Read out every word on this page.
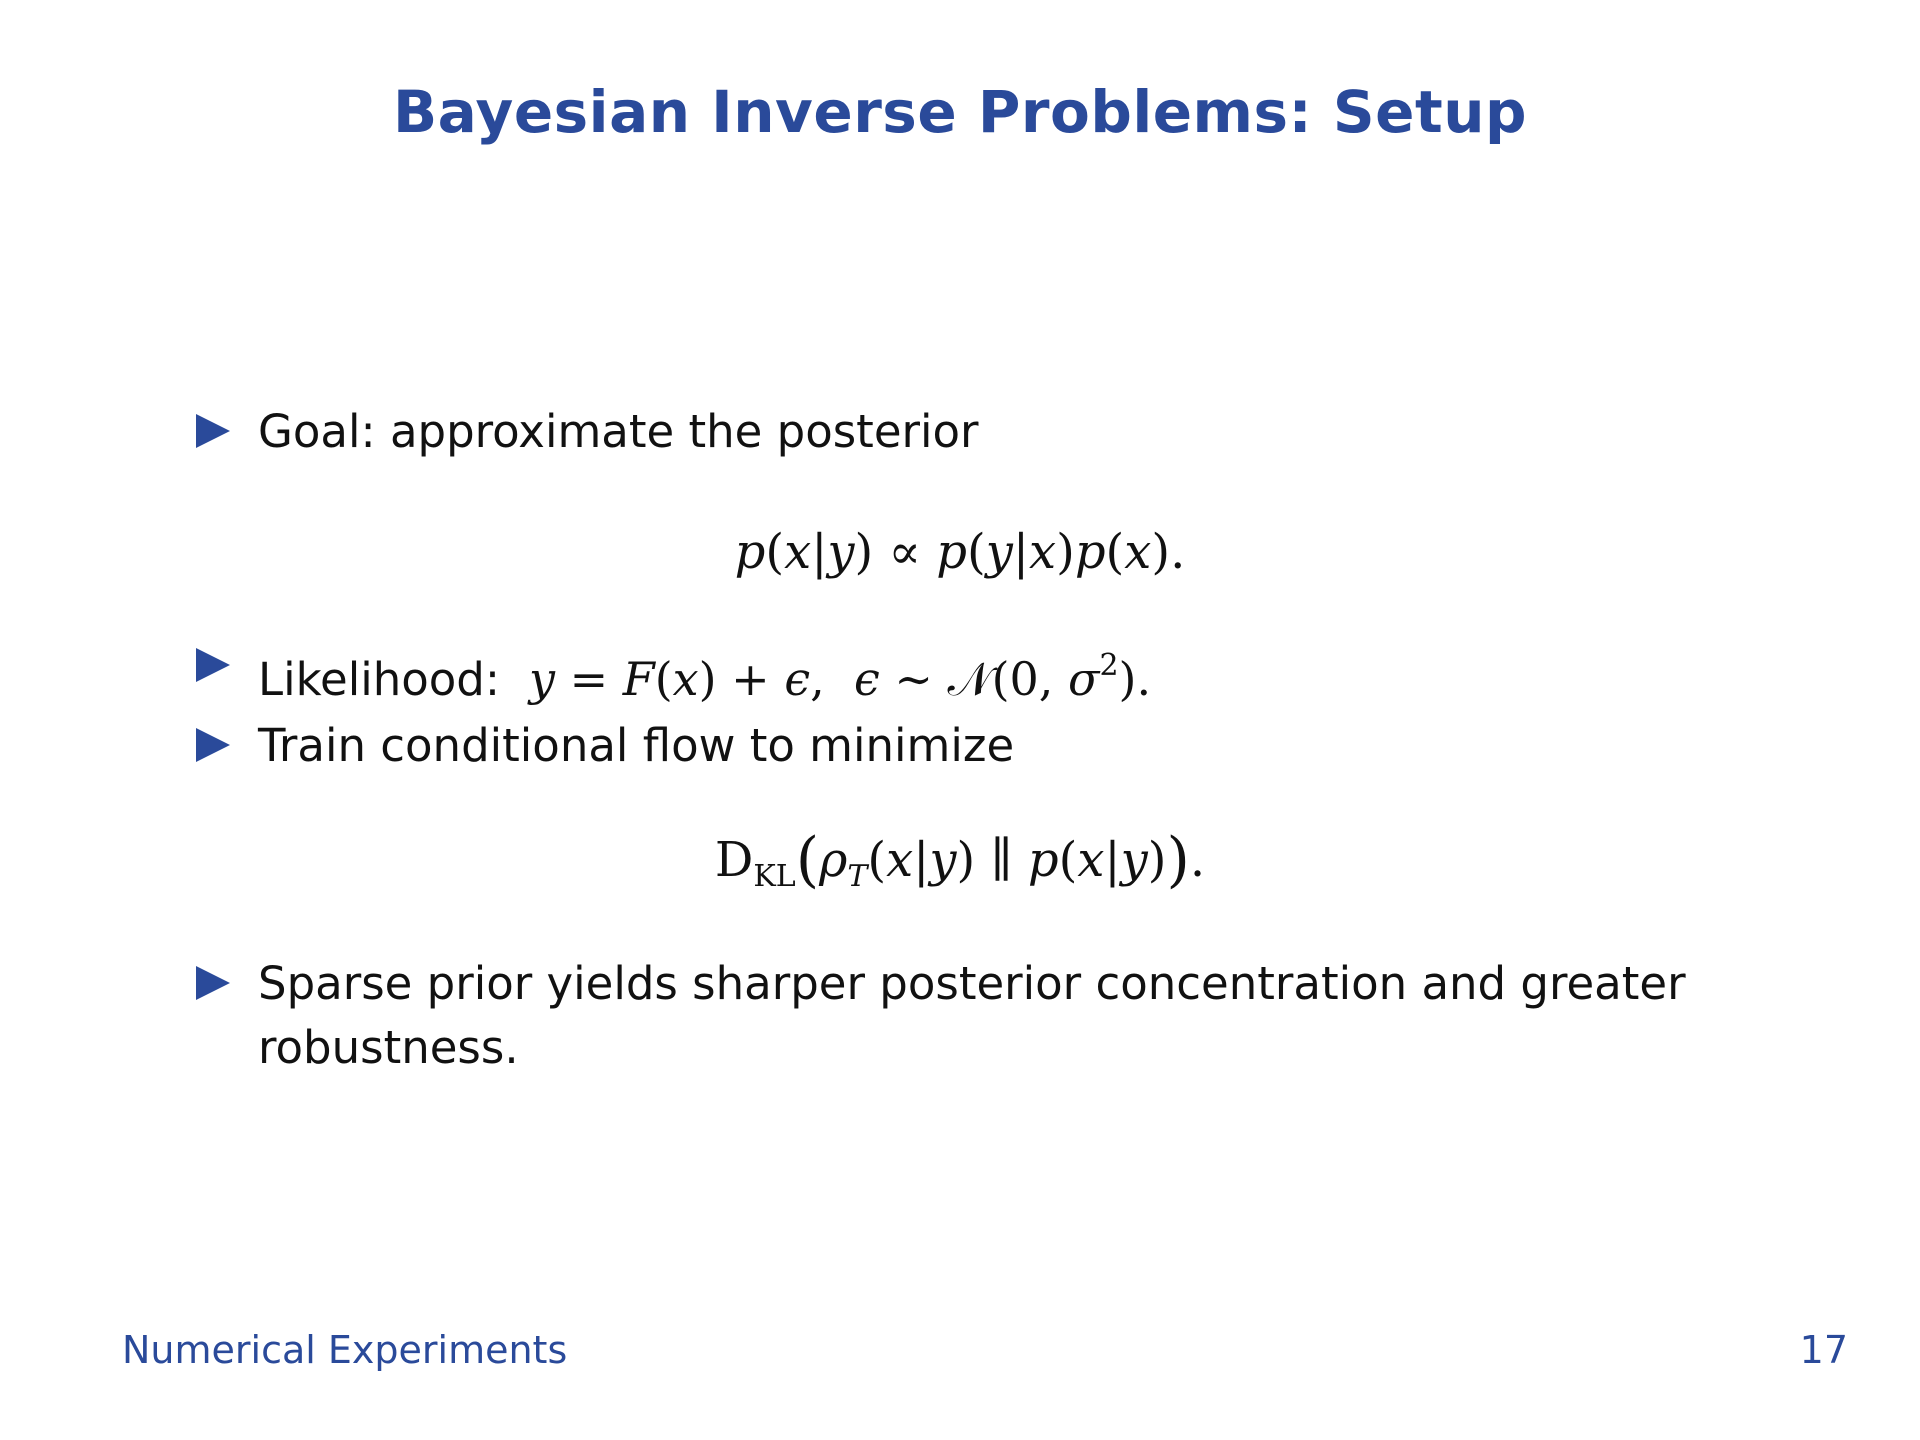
Bayesian Inverse Problems: Setup
Goal: approximate the posterior
p(x|y) ∝ p(y|x)p(x).
Likelihood: y = F(x) + ϵ,  ϵ ∼ 𝒩(0, $\sigma^2$).
Train conditional flow to minimize
$D_{KL}(\rho_T(x|y)$ ∥ p(x|y)).
Sparse prior yields sharper posterior concentration and greater
robustness.
Numerical Experiments	17
